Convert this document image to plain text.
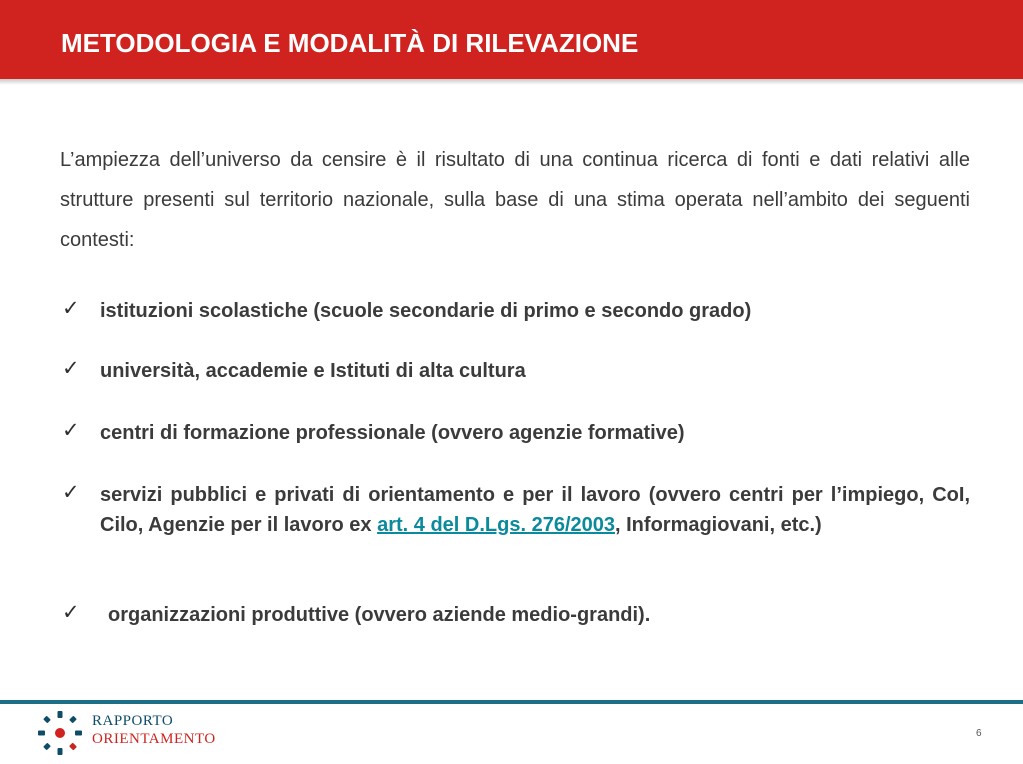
METODOLOGIA E MODALITÀ DI RILEVAZIONE
L’ampiezza dell’universo da censire è il risultato di una continua ricerca di fonti e dati relativi alle strutture presenti sul territorio nazionale, sulla base di una stima operata nell’ambito dei seguenti contesti:
✓ istituzioni scolastiche (scuole secondarie di primo e secondo grado)
✓ università, accademie e Istituti di alta cultura
✓ centri di formazione professionale (ovvero agenzie formative)
✓ servizi pubblici e privati di orientamento e per il lavoro (ovvero centri per l’impiego, CoI, Cilo, Agenzie per il lavoro ex art. 4 del D.Lgs. 276/2003, Informagiovani, etc.)
✓ organizzazioni produttive (ovvero aziende medio-grandi).
RAPPORTO
ORIENTAMENTO	6
